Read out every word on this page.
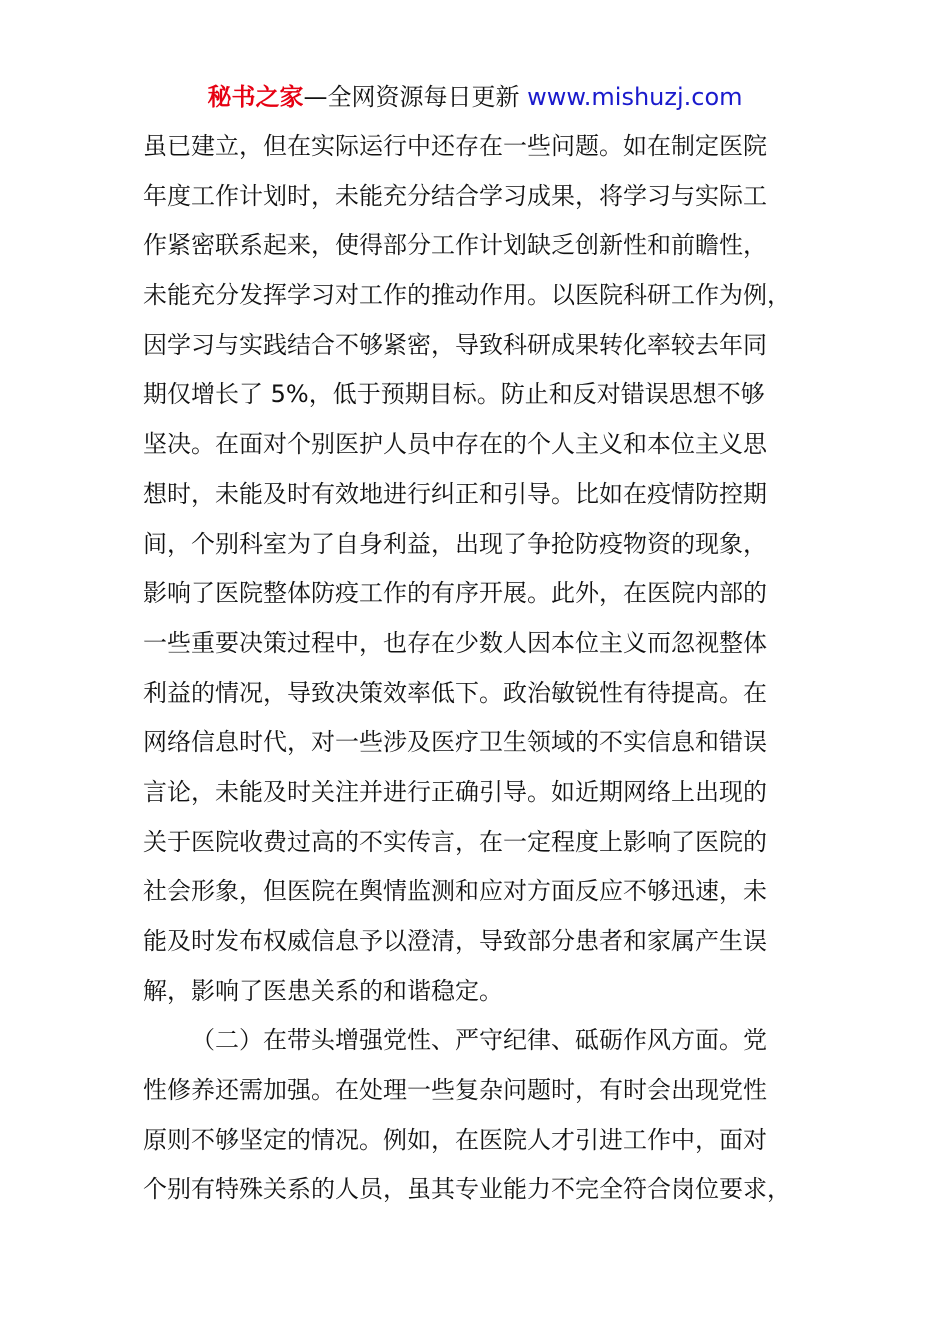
秘书之家—全网资源每日更新 www.mishuzj.com
虽已建立，但在实际运行中还存在一些问题。如在制定医院
年度工作计划时，未能充分结合学习成果，将学习与实际工
作紧密联系起来，使得部分工作计划缺乏创新性和前瞻性，
未能充分发挥学习对工作的推动作用。以医院科研工作为例，
因学习与实践结合不够紧密，导致科研成果转化率较去年同
期仅增长了 5%，低于预期目标。防止和反对错误思想不够
坚决。在面对个别医护人员中存在的个人主义和本位主义思
想时，未能及时有效地进行纠正和引导。比如在疫情防控期
间，个别科室为了自身利益，出现了争抢防疫物资的现象，
影响了医院整体防疫工作的有序开展。此外，在医院内部的
一些重要决策过程中，也存在少数人因本位主义而忽视整体
利益的情况，导致决策效率低下。政治敏锐性有待提高。在
网络信息时代，对一些涉及医疗卫生领域的不实信息和错误
言论，未能及时关注并进行正确引导。如近期网络上出现的
关于医院收费过高的不实传言，在一定程度上影响了医院的
社会形象，但医院在舆情监测和应对方面反应不够迅速，未
能及时发布权威信息予以澄清，导致部分患者和家属产生误
解，影响了医患关系的和谐稳定。
（二）在带头增强党性、严守纪律、砥砺作风方面。党
性修养还需加强。在处理一些复杂问题时，有时会出现党性
原则不够坚定的情况。例如，在医院人才引进工作中，面对
个别有特殊关系的人员，虽其专业能力不完全符合岗位要求，
